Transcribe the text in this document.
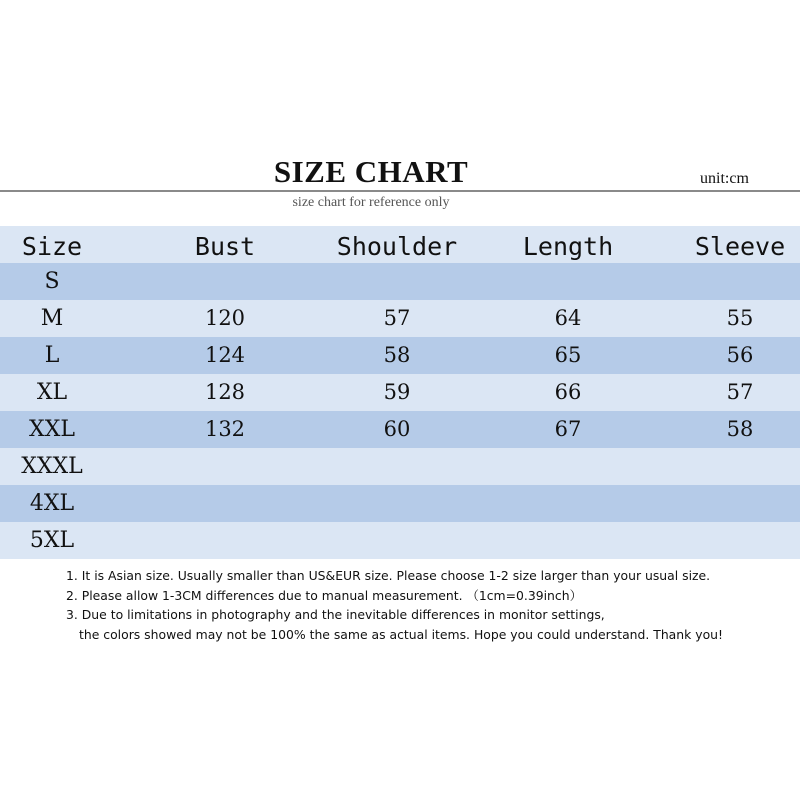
SIZE CHART	unit:cm
size chart for reference only
Size	Bust	Shoulder	Length	Sleeve
S
M	120	57	64	55
L	124	58	65	56
XL	128	59	66	57
XXL	132	60	67	58
XXXL
4XL
5XL
1. It is Asian size. Usually smaller than US&EUR size. Please choose 1-2 size larger than your usual size.
2. Please allow 1-3CM differences due to manual measurement. （1cm=0.39inch）
3. Due to limitations in photography and the inevitable differences in monitor settings,
the colors showed may not be 100% the same as actual items. Hope you could understand. Thank you!
